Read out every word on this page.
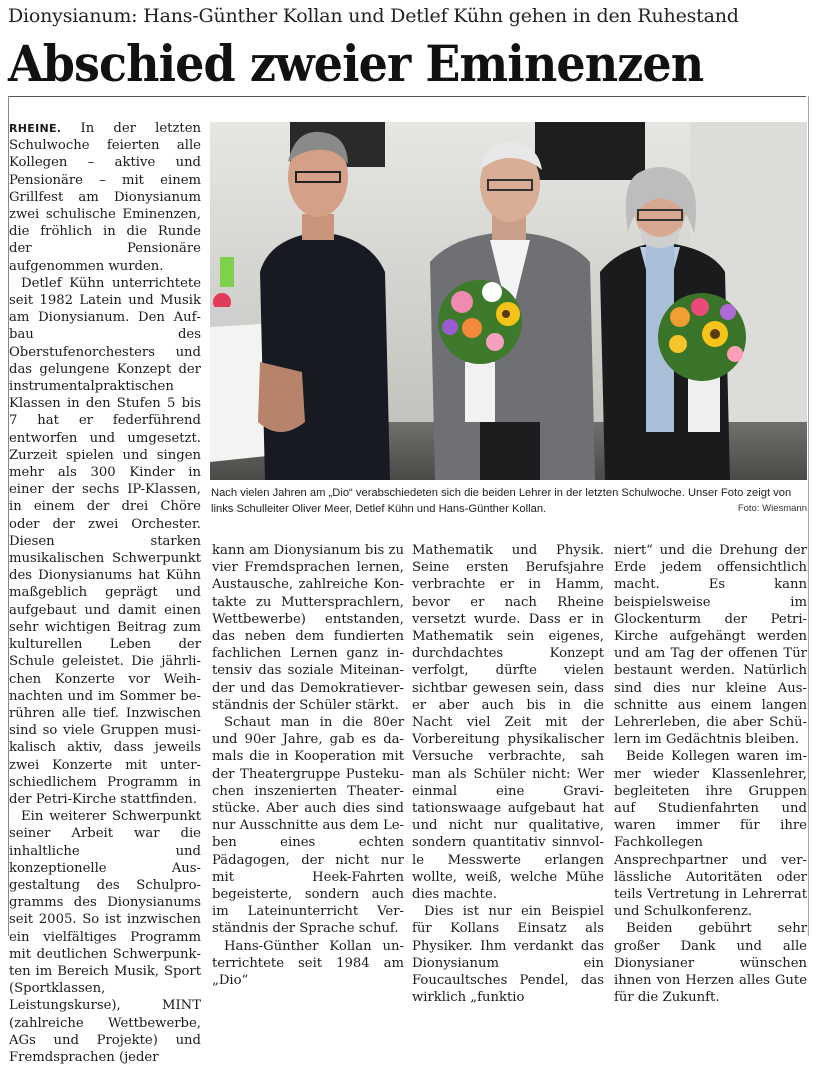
Dionysianum: Hans-Günther Kollan und Detlef Kühn gehen in den Ruhestand
Abschied zweier Eminenzen

RHEINE. In der letzten Schulwoche feierten alle Kollegen – aktive und Pensionäre – mit einem Grillfest am Dionysianum zwei schulische Eminenzen, die fröhlich in die Runde der Pensionäre aufgenommen wurden.

Detlef Kühn unterrichtete seit 1982 Latein und Musik am Dionysianum. Den Aufbau des Oberstufenorchesters und das gelungene Konzept der instrumentalpraktischen Klassen in den Stufen 5 bis 7 hat er federführend entworfen und umgesetzt. Zurzeit spielen und singen mehr als 300 Kinder in einer der sechs IP-Klassen, in einem der drei Chöre oder der zwei Orchester. Diesen starken musikalischen Schwerpunkt des Dionysianums hat Kühn maßgeblich geprägt und aufgebaut und damit einen sehr wichtigen Beitrag zum kulturellen Leben der Schule geleistet. Die jährlichen Konzerte vor Weihnachten und im Sommer berühren alle tief. Inzwischen sind so viele Gruppen musikalisch aktiv, dass jeweils zwei Konzerte mit unterschiedlichem Programm in der Petri-Kirche stattfinden.

Ein weiterer Schwerpunkt seiner Arbeit war die inhaltliche und konzeptionelle Ausgestaltung des Schulprogramms des Dionysianums seit 2005. So ist inzwischen ein vielfältiges Programm mit deutlichen Schwerpunkten im Bereich Musik, Sport (Sportklassen, Leistungskurse), MINT (zahlreiche Wettbewerbe, AGs und Projekte) und Fremdsprachen (jeder

Nach vielen Jahren am „Dio“ verabschiedeten sich die beiden Lehrer in der letzten Schulwoche. Unser Foto zeigt von links Schulleiter Oliver Meer, Detlef Kühn und Hans-Günther Kollan.	Foto: Wiesmann

kann am Dionysianum bis zu vier Fremdsprachen lernen, Austausche, zahlreiche Kontakte zu Muttersprachlern, Wettbewerbe) entstanden, das neben dem fundierten fachlichen Lernen ganz intensiv das soziale Miteinander und das Demokratieverständnis der Schüler stärkt.

Schaut man in die 80er und 90er Jahre, gab es damals die in Kooperation mit der Theatergruppe Pustekuchen inszenierten Theaterstücke. Aber auch dies sind nur Ausschnitte aus dem Leben eines echten Pädagogen, der nicht nur mit Heek-Fahrten begeisterte, sondern auch im Lateinunterricht Verständnis der Sprache schuf.

Hans-Günther Kollan unterrichtete seit 1984 am „Dio“

Mathematik und Physik. Seine ersten Berufsjahre verbrachte er in Hamm, bevor er nach Rheine versetzt wurde. Dass er in Mathematik sein eigenes, durchdachtes Konzept verfolgt, dürfte vielen sichtbar gewesen sein, dass er aber auch bis in die Nacht viel Zeit mit der Vorbereitung physikalischer Versuche verbrachte, sah man als Schüler nicht: Wer einmal eine Gravitationswaage aufgebaut hat und nicht nur qualitative, sondern quantitativ sinnvolle Messwerte erlangen wollte, weiß, welche Mühe dies machte.

Dies ist nur ein Beispiel für Kollans Einsatz als Physiker. Ihm verdankt das Dionysianum ein Foucaultsches Pendel, das wirklich „funktio

niert“ und die Drehung der Erde jedem offensichtlich macht. Es kann beispielsweise im Glockenturm der Petri-Kirche aufgehängt werden und am Tag der offenen Tür bestaunt werden. Natürlich sind dies nur kleine Ausschnitte aus einem langen Lehrerleben, die aber Schülern im Gedächtnis bleiben.

Beide Kollegen waren immer wieder Klassenlehrer, begleiteten ihre Gruppen auf Studienfahrten und waren immer für ihre Fachkollegen Ansprechpartner und verlässliche Autoritäten oder teils Vertretung in Lehrerrat und Schulkonferenz.

Beiden gebührt sehr großer Dank und alle Dionysianer wünschen ihnen von Herzen alles Gute für die Zukunft.
